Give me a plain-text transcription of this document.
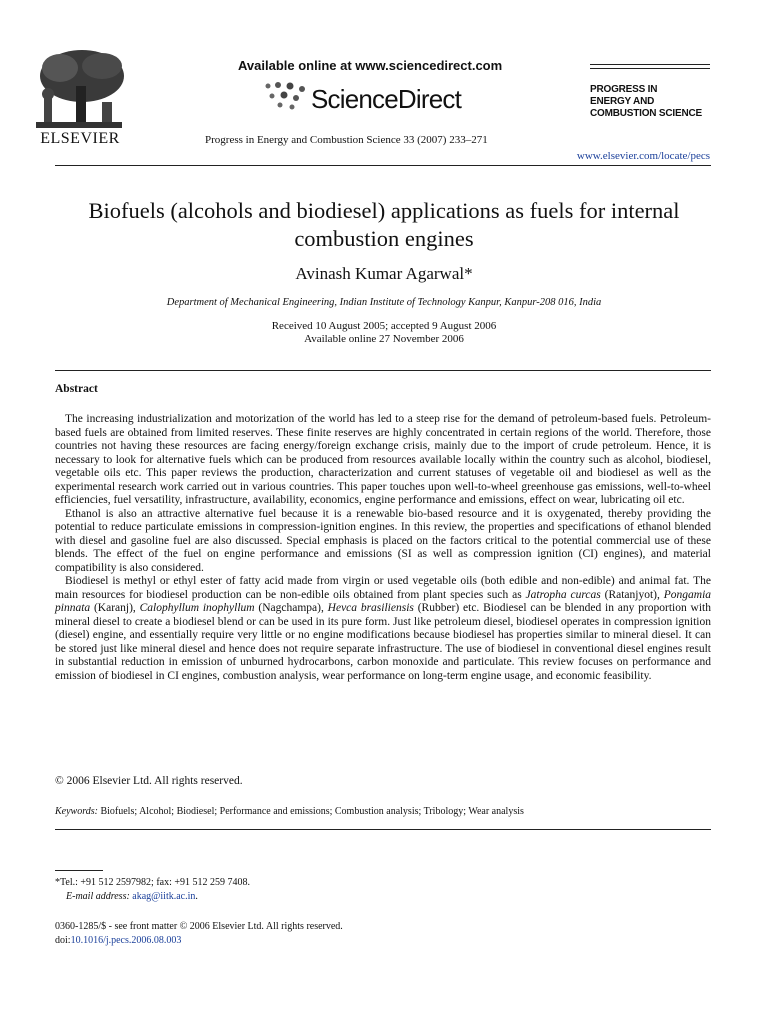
ELSEVIER
Available online at www.sciencedirect.com
ScienceDirect
Progress in Energy and Combustion Science 33 (2007) 233–271
PROGRESS IN
ENERGY AND
COMBUSTION SCIENCE
www.elsevier.com/locate/pecs
Biofuels (alcohols and biodiesel) applications as fuels for internal combustion engines
Avinash Kumar Agarwal*
Department of Mechanical Engineering, Indian Institute of Technology Kanpur, Kanpur-208 016, India
Received 10 August 2005; accepted 9 August 2006
Available online 27 November 2006
Abstract

The increasing industrialization and motorization of the world has led to a steep rise for the demand of petroleum-based fuels. Petroleum-based fuels are obtained from limited reserves. These finite reserves are highly concentrated in certain regions of the world. Therefore, those countries not having these resources are facing energy/foreign exchange crisis, mainly due to the import of crude petroleum. Hence, it is necessary to look for alternative fuels which can be produced from resources available locally within the country such as alcohol, biodiesel, vegetable oils etc. This paper reviews the production, characterization and current statuses of vegetable oil and biodiesel as well as the experimental research work carried out in various countries. This paper touches upon well-to-wheel greenhouse gas emissions, well-to-wheel efficiencies, fuel versatility, infrastructure, availability, economics, engine performance and emissions, effect on wear, lubricating oil etc.

Ethanol is also an attractive alternative fuel because it is a renewable bio-based resource and it is oxygenated, thereby providing the potential to reduce particulate emissions in compression-ignition engines. In this review, the properties and specifications of ethanol blended with diesel and gasoline fuel are also discussed. Special emphasis is placed on the factors critical to the potential commercial use of these blends. The effect of the fuel on engine performance and emissions (SI as well as compression ignition (CI) engines), and material compatibility is also considered.

Biodiesel is methyl or ethyl ester of fatty acid made from virgin or used vegetable oils (both edible and non-edible) and animal fat. The main resources for biodiesel production can be non-edible oils obtained from plant species such as Jatropha curcas (Ratanjyot), Pongamia pinnata (Karanj), Calophyllum inophyllum (Nagchampa), Hevca brasiliensis (Rubber) etc. Biodiesel can be blended in any proportion with mineral diesel to create a biodiesel blend or can be used in its pure form. Just like petroleum diesel, biodiesel operates in compression ignition (diesel) engine, and essentially require very little or no engine modifications because biodiesel has properties similar to mineral diesel. It can be stored just like mineral diesel and hence does not require separate infrastructure. The use of biodiesel in conventional diesel engines result in substantial reduction in emission of unburned hydrocarbons, carbon monoxide and particulate. This review focuses on performance and emission of biodiesel in CI engines, combustion analysis, wear performance on long-term engine usage, and economic feasibility.

© 2006 Elsevier Ltd. All rights reserved.
Keywords: Biofuels; Alcohol; Biodiesel; Performance and emissions; Combustion analysis; Tribology; Wear analysis
*Tel.: +91 512 2597982; fax: +91 512 259 7408.
E-mail address: akag@iitk.ac.in.
0360-1285/$ - see front matter © 2006 Elsevier Ltd. All rights reserved.
doi:10.1016/j.pecs.2006.08.003
